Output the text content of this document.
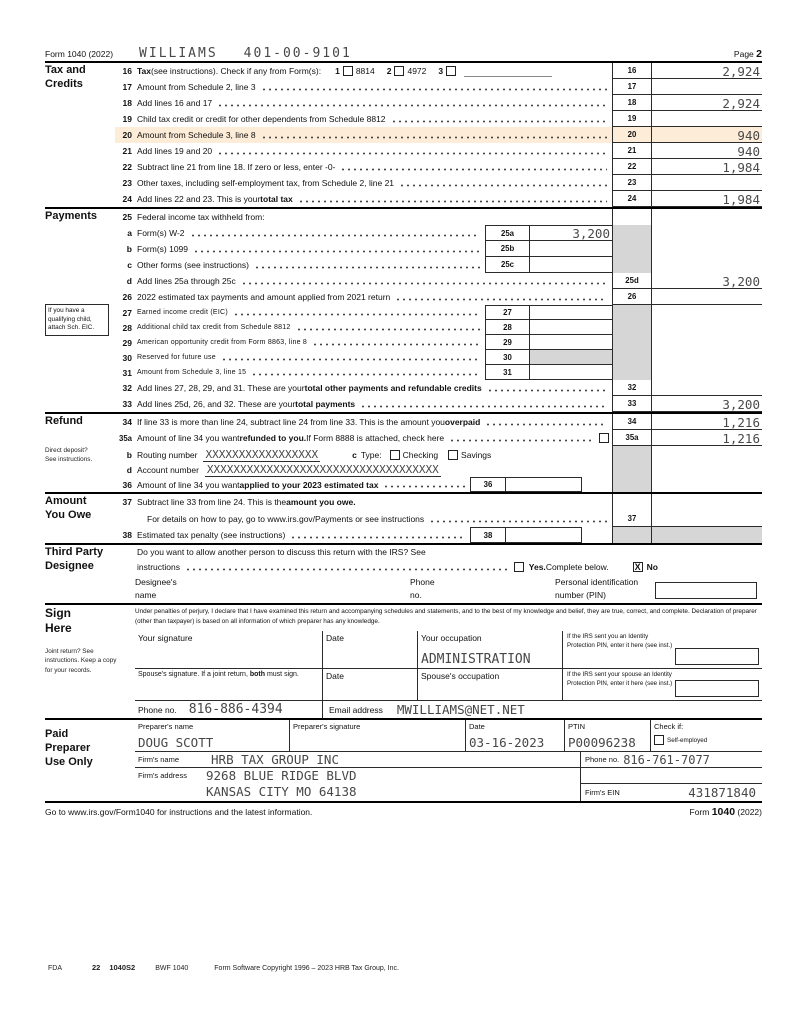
Form 1040 (2022) WILLIAMS 401-00-9101	Page 2
Tax and
Credits
16 Tax (see instructions). Check if any from Form(s): 1 8814 2 4972 3	16	2,924
17 Amount from Schedule 2, line 3	17
18 Add lines 16 and 17	18	2,924
19 Child tax credit or credit for other dependents from Schedule 8812	19
20 Amount from Schedule 3, line 8	20	940
21 Add lines 19 and 20	21	940
22 Subtract line 21 from line 18. If zero or less, enter -0-	22	1,984
23 Other taxes, including self-employment tax, from Schedule 2, line 21	23
24 Add lines 22 and 23. This is your total tax	24	1,984
Payments
If you have a qualifying child, attach Sch. EIC.
25 Federal income tax withheld from:
a Form(s) W-2	25a	3,200
b Form(s) 1099	25b
c Other forms (see instructions)	25c
d Add lines 25a through 25c	25d	3,200
26 2022 estimated tax payments and amount applied from 2021 return	26
27 Earned income credit (EIC)	27
28 Additional child tax credit from Schedule 8812	28
29 American opportunity credit from Form 8863, line 8	29
30 Reserved for future use	30
31 Amount from Schedule 3, line 15	31
32 Add lines 27, 28, 29, and 31. These are your total other payments and refundable credits	32
33 Add lines 25d, 26, and 32. These are your total payments	33	3,200
Refund
Direct deposit?
See instructions.
34 If line 33 is more than line 24, subtract line 24 from line 33. This is the amount you overpaid	34	1,216
35a Amount of line 34 you want refunded to you. If Form 8888 is attached, check here	35a	1,216
b Routing number XXXXXXXXXXXXXXXXX	c Type: Checking	Savings
d Account number XXXXXXXXXXXXXXXXXXXXXXXXXXXXXXXXXXX
36 Amount of line 34 you want applied to your 2023 estimated tax	36
Amount
You Owe
37 Subtract line 33 from line 24. This is the amount you owe.
For details on how to pay, go to www.irs.gov/Payments or see instructions	37
38 Estimated tax penalty (see instructions)	38
Third Party
Designee
Do you want to allow another person to discuss this return with the IRS? See
instructions	Yes. Complete below.	X No
Designee's
name
Phone
no.
Personal identification
number (PIN)
Sign
Here
Joint return? See instructions. Keep a copy for your records.
Under penalties of perjury, I declare that I have examined this return and accompanying schedules and statements, and to the best of my knowledge and belief, they are true, correct, and complete. Declaration of preparer (other than taxpayer) is based on all information of which preparer has any knowledge.
Your signature	Date	Your occupation
ADMINISTRATION
If the IRS sent you an Identity Protection PIN, enter it here (see inst.)
Spouse's signature. If a joint return, both must sign.	Date	Spouse's occupation	If the IRS sent your spouse an Identity Protection PIN, enter it here (see inst.)
Phone no. 816-886-4394	Email address MWILLIAMS@NET.NET
Paid
Preparer
Use Only
Preparer's name
DOUG SCOTT
Preparer's signature	Date
03-16-2023
PTIN
P00096238
Check if:
Self-employed
Firm's name	HRB TAX GROUP INC	Phone no. 816-761-7077
Firm's address	9268 BLUE RIDGE BLVD
KANSAS CITY MO 64138	Firm's EIN	431871840
Go to www.irs.gov/Form1040 for instructions and the latest information.	Form 1040 (2022)
FDA	22 1040S2	BWF 1040	Form Software Copyright 1996 – 2023 HRB Tax Group, Inc.
